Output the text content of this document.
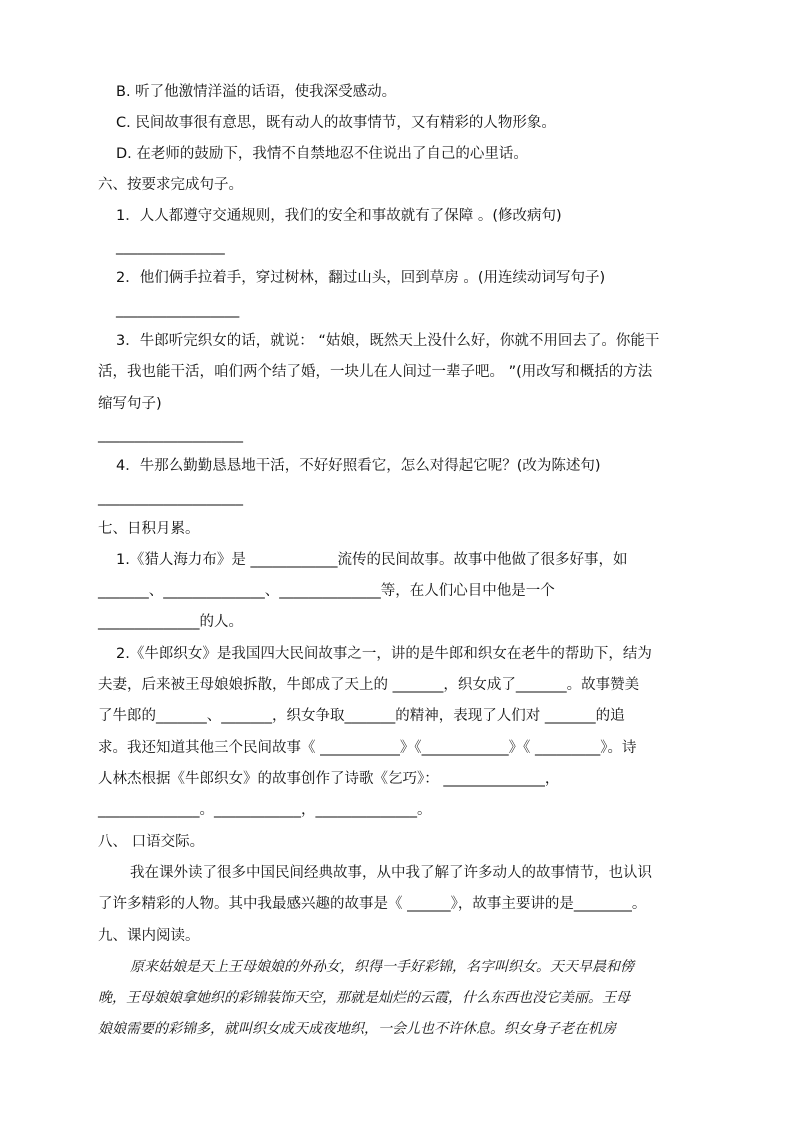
B. 听了他激情洋溢的话语，使我深受感动。
C. 民间故事很有意思，既有动人的故事情节，又有精彩的人物形象。
D. 在老师的鼓励下，我情不自禁地忍不住说出了自己的心里话。
六、按要求完成句子。
1．人人都遵守交通规则，我们的安全和事故就有了保障 。(修改病句)
_______________
2．他们俩手拉着手，穿过树林，翻过山头，回到草房 。(用连续动词写句子)
_________________
3．牛郎听完织女的话，就说： “姑娘，既然天上没什么好，你就不用回去了。你能干
活，我也能干活，咱们两个结了婚，一块儿在人间过一辈子吧。 ”(用改写和概括的方法
缩写句子)
____________________
4．牛那么勤勤恳恳地干活，不好好照看它，怎么对得起它呢？(改为陈述句)
____________________
七、日积月累。
1.《猎人海力布》是 ____________流传的民间故事。故事中他做了很多好事，如
_______、______________、______________等，在人们心目中他是一个
______________的人。
2.《牛郎织女》是我国四大民间故事之一，讲的是牛郎和织女在老牛的帮助下，结为
夫妻，后来被王母娘娘拆散，牛郎成了天上的 _______，织女成了_______。故事赞美
了牛郎的_______、_______，织女争取_______的精神，表现了人们对 _______的追
求。我还知道其他三个民间故事《 ___________》《____________》《 _________》。诗
人林杰根据《牛郎织女》的故事创作了诗歌《乞巧》： ______________，
______________。____________，______________。
八、 口语交际。
我在课外读了很多中国民间经典故事，从中我了解了许多动人的故事情节，也认识
了许多精彩的人物。其中我最感兴趣的故事是《 ______》，故事主要讲的是________。
九、课内阅读。
原来姑娘是天上王母娘娘的外孙女，织得一手好彩锦，名字叫织女。天天早晨和傍
晚，王母娘娘拿她织的彩锦装饰天空，那就是灿烂的云霞，什么东西也没它美丽。王母
娘娘需要的彩锦多，就叫织女成天成夜地织，一会儿也不许休息。织女身子老在机房
